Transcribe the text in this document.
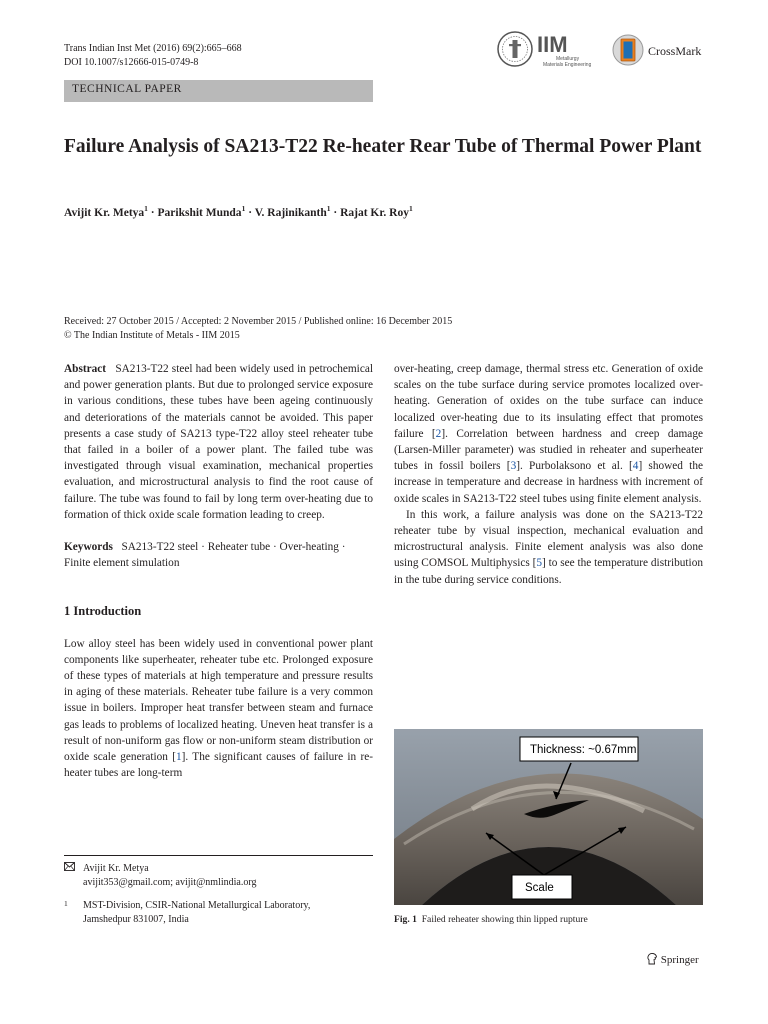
Trans Indian Inst Met (2016) 69(2):665–668
DOI 10.1007/s12666-015-0749-8
IIM
Metallurgy
Materials Engineering
CrossMark
TECHNICAL PAPER
Failure Analysis of SA213-T22 Re-heater Rear Tube of Thermal Power Plant
Avijit Kr. Metya$^1$ · Parikshit Munda$^1$ · V. Rajinikanth$^1$ · Rajat Kr. Roy$^1$
Received: 27 October 2015 / Accepted: 2 November 2015 / Published online: 16 December 2015
© The Indian Institute of Metals - IIM 2015

Abstract SA213-T22 steel had been widely used in petrochemical and power generation plants. But due to prolonged service exposure in various conditions, these tubes have been ageing continuously and deteriorations of the materials cannot be avoided. This paper presents a case study of SA213 type-T22 alloy steel reheater tube that failed in a boiler of a power plant. The failed tube was investigated through visual examination, mechanical properties evaluation, and microstructural analysis to find the root cause of failure. The tube was found to fail by long term over-heating due to formation of thick oxide scale formation leading to creep.

Keywords SA213-T22 steel · Reheater tube · Over-heating · Finite element simulation

1 Introduction

Low alloy steel has been widely used in conventional power plant components like superheater, reheater tube etc. Prolonged exposure of these types of materials at high temperature and pressure results in aging of these materials. Reheater tube failure is a very common issue in boilers. Improper heat transfer between steam and furnace gas leads to problems of localized heating. Uneven heat transfer is a result of non-uniform gas flow or non-uniform steam distribution or oxide scale generation [1]. The significant causes of failure in re-heater tubes are long-term

over-heating, creep damage, thermal stress etc. Generation of oxide scales on the tube surface during service promotes localized over-heating. Generation of oxides on the tube surface can induce localized over-heating due to its insulating effect that promotes failure [2]. Correlation between hardness and creep damage (Larsen-Miller parameter) was studied in reheater and superheater tubes in fossil boilers [3]. Purbolaksono et al. [4] showed the increase in temperature and decrease in hardness with increment of oxide scales in SA213-T22 steel tubes using finite element analysis.

In this work, a failure analysis was done on the SA213-T22 reheater tube by visual inspection, mechanical evaluation and microstructural analysis. Finite element analysis was also done using COMSOL Multiphysics [5] to see the temperature distribution in the tube during service conditions.

Thickness: ~0.67mm
Scale
Fig. 1 Failed reheater showing thin lipped rupture
Avijit Kr. Metya
avijit353@gmail.com; avijit@nmlindia.org
1 MST-Division, CSIR-National Metallurgical Laboratory,
Jamshedpur 831007, India
Springer
